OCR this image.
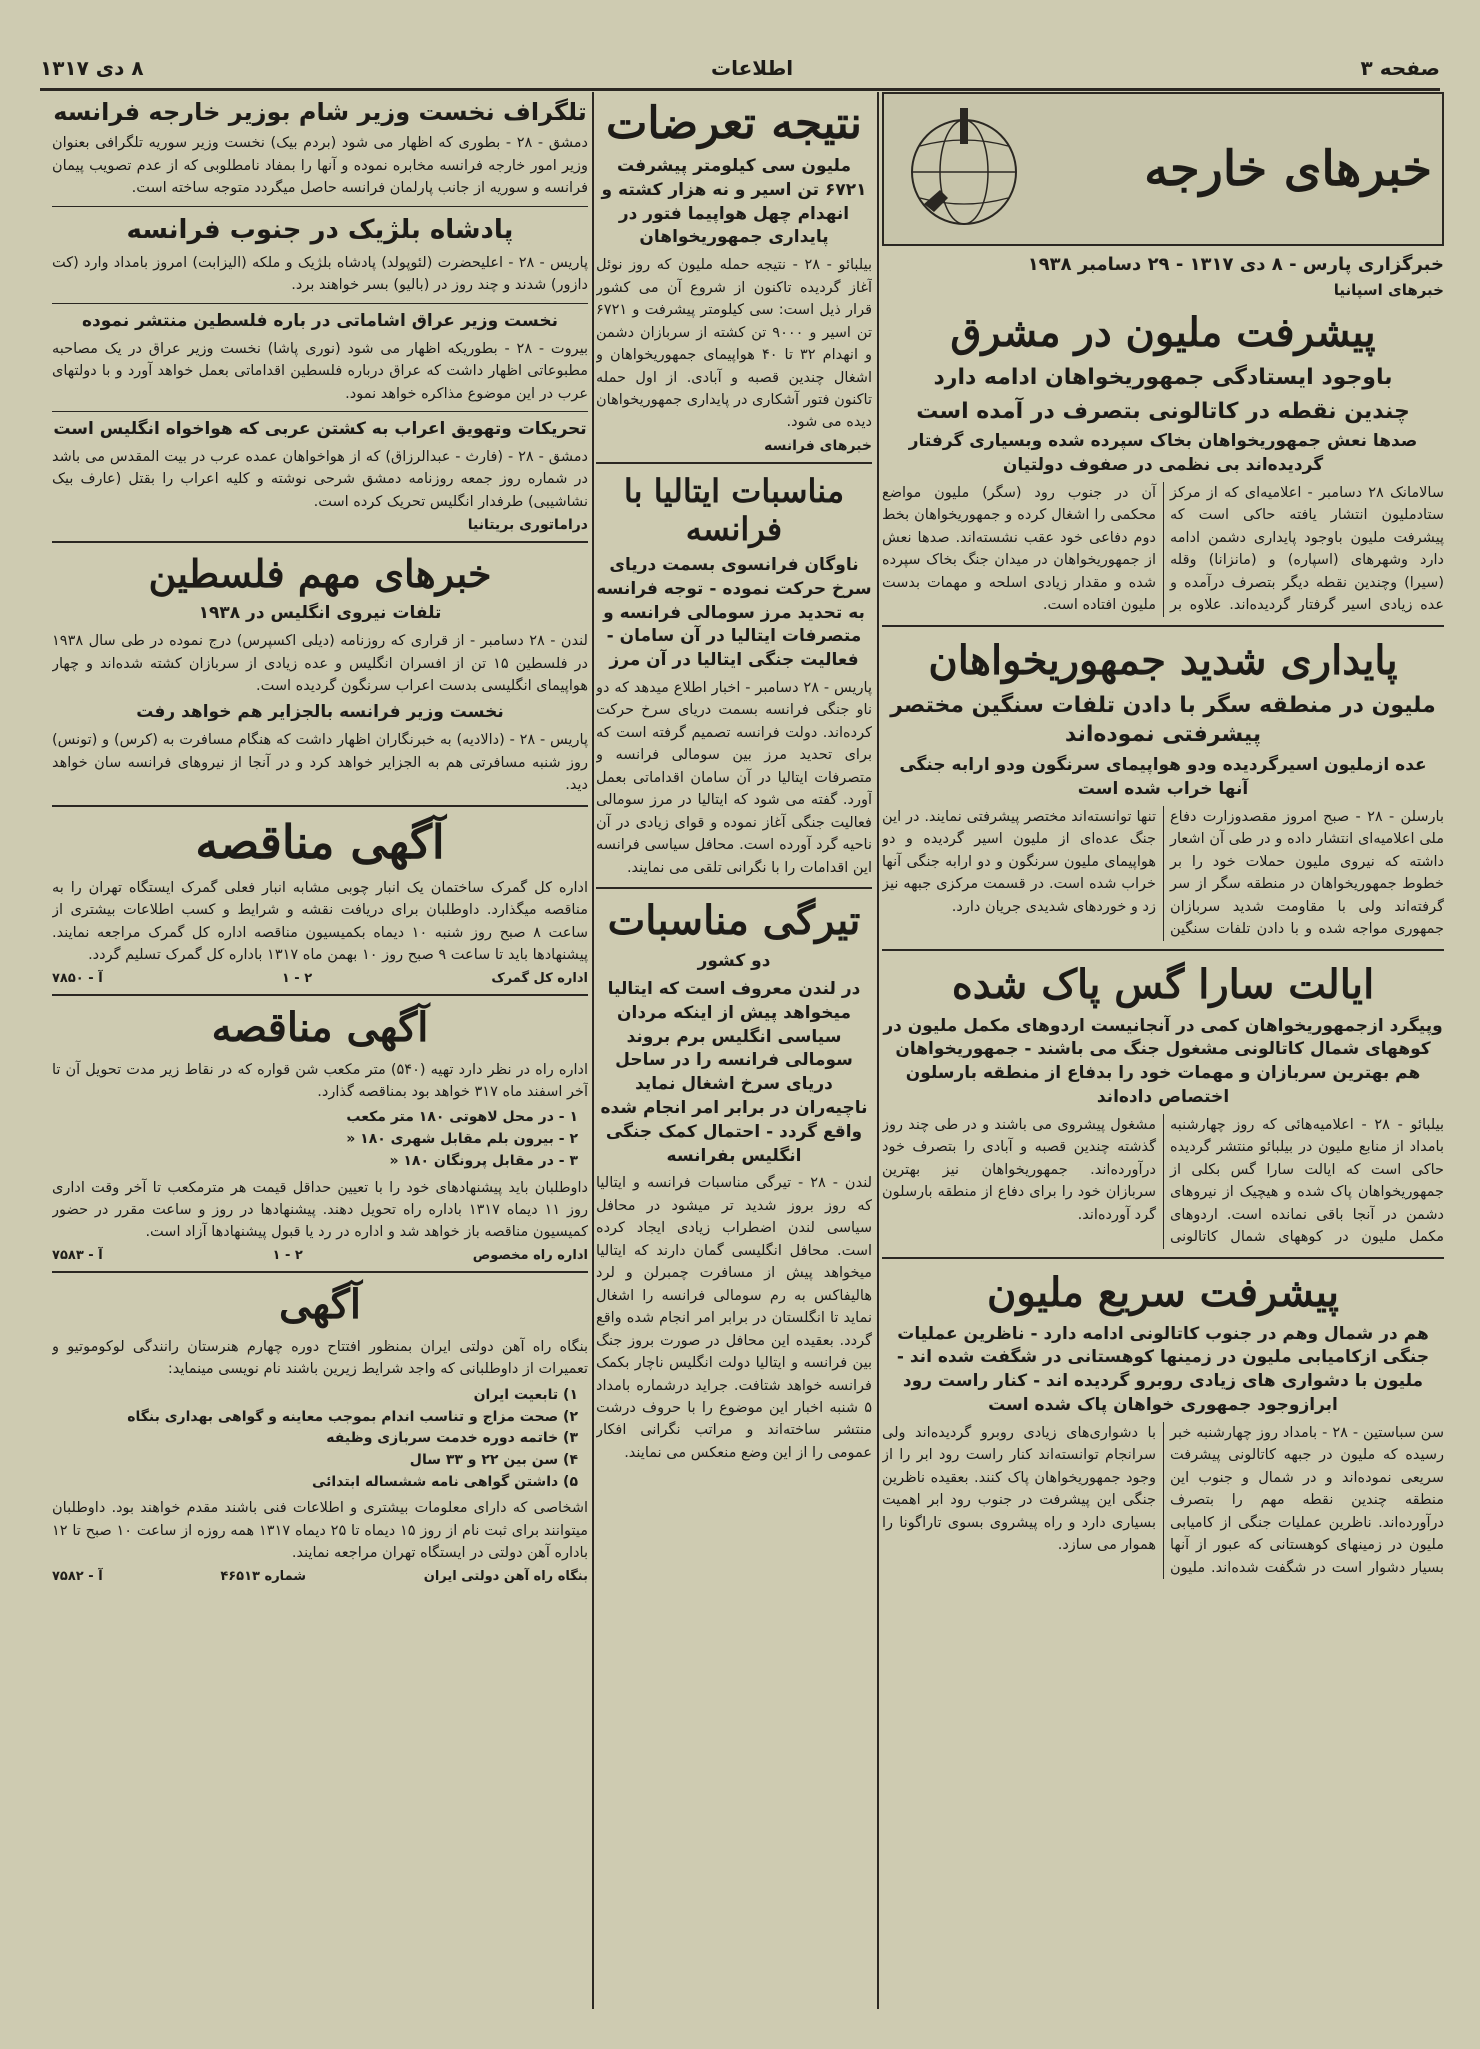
۸ دی ۱۳۱۷	اطلاعات	صفحه ۳
خبرهای خارجه
خبرگزاری پارس - ۸ دی ۱۳۱۷ - ۲۹ دسامبر ۱۹۳۸
خبرهای اسپانیا
پیشرفت ملیون در مشرق
باوجود ایستادگی جمهوریخواهان ادامه دارد
چندین نقطه در کاتالونی بتصرف در آمده است
صدها نعش جمهوریخواهان بخاک سپرده شده وبسیاری گرفتار گردیده‌اند بی نظمی در صفوف دولتیان

سالامانک ۲۸ دسامبر - اعلامیه‌ای که از مرکز ستادملیون انتشار یافته حاکی است که پیشرفت ملیون باوجود پایداری دشمن ادامه دارد وشهرهای (اسپاره) و (مانزانا) وقله (سیرا) وچندین نقطه دیگر بتصرف درآمده و عده زیادی اسیر گرفتار گردیده‌اند. علاوه بر آن در جنوب رود (سگر) ملیون مواضع محکمی را اشغال کرده و جمهوریخواهان بخط دوم دفاعی خود عقب نشسته‌اند. صدها نعش از جمهوریخواهان در میدان جنگ بخاک سپرده شده و مقدار زیادی اسلحه و مهمات بدست ملیون افتاده است.

پایداری شدید جمهوریخواهان
ملیون در منطقه سگر با دادن تلفات سنگین مختصر پیشرفتی نموده‌اند
عده ازملیون اسیرگردیده ودو هواپیمای سرنگون ودو ارابه جنگی آنها خراب شده است

بارسلن - ۲۸ - صبح امروز مقصدوزارت دفاع ملی اعلامیه‌ای انتشار داده و در طی آن اشعار داشته که نیروی ملیون حملات خود را بر خطوط جمهوریخواهان در منطقه سگر از سر گرفته‌اند ولی با مقاومت شدید سربازان جمهوری مواجه شده و با دادن تلفات سنگین تنها توانسته‌اند مختصر پیشرفتی نمایند. در این جنگ عده‌ای از ملیون اسیر گردیده و دو هواپیمای ملیون سرنگون و دو ارابه جنگی آنها خراب شده است. در قسمت مرکزی جبهه نیز زد و خوردهای شدیدی جریان دارد.

ایالت سارا گس پاک شده
وپیگرد ازجمهوریخواهان کمی در آنجانیست اردوهای مکمل ملیون در کوههای شمال کاتالونی مشغول جنگ می باشند - جمهوریخواهان هم بهترین سربازان و مهمات خود را بدفاع از منطقه بارسلون اختصاص داده‌اند

بیلبائو - ۲۸ - اعلامیه‌هائی که روز چهارشنبه بامداد از منابع ملیون در بیلبائو منتشر گردیده حاکی است که ایالت سارا گس بکلی از جمهوریخواهان پاک شده و هیچیک از نیروهای دشمن در آنجا باقی نمانده است. اردوهای مکمل ملیون در کوههای شمال کاتالونی مشغول پیشروی می باشند و در طی چند روز گذشته چندین قصبه و آبادی را بتصرف خود درآورده‌اند. جمهوریخواهان نیز بهترین سربازان خود را برای دفاع از منطقه بارسلون گرد آورده‌اند.

پیشرفت سریع ملیون
هم در شمال وهم در جنوب کاتالونی ادامه دارد - ناظرین عملیات جنگی ازکامیابی ملیون در زمینها کوهستانی در شگفت شده اند - ملیون با دشواری های زیادی روبرو گردیده اند - کنار راست رود ابرازوجود جمهوری خواهان پاک شده است

سن سباستین - ۲۸ - بامداد روز چهارشنبه خبر رسیده که ملیون در جبهه کاتالونی پیشرفت سریعی نموده‌اند و در شمال و جنوب این منطقه چندین نقطه مهم را بتصرف درآورده‌اند. ناظرین عملیات جنگی از کامیابی ملیون در زمینهای کوهستانی که عبور از آنها بسیار دشوار است در شگفت شده‌اند. ملیون با دشواری‌های زیادی روبرو گردیده‌اند ولی سرانجام توانسته‌اند کنار راست رود ابر را از وجود جمهوریخواهان پاک کنند. بعقیده ناظرین جنگی این پیشرفت در جنوب رود ابر اهمیت بسیاری دارد و راه پیشروی بسوی تاراگونا را هموار می سازد.

نتیجه تعرضات
ملیون سی کیلومتر پیشرفت ۶۷۲۱ تن اسیر و نه هزار کشته و انهدام چهل هواپیما فتور در پایداری جمهوریخواهان

بیلبائو - ۲۸ - نتیجه حمله ملیون که روز نوئل آغاز گردیده تاکنون از شروع آن می کشور قرار ذیل است: سی کیلومتر پیشرفت و ۶۷۲۱ تن اسیر و ۹۰۰۰ تن کشته از سربازان دشمن و انهدام ۳۲ تا ۴۰ هواپیمای جمهوریخواهان و اشغال چندین قصبه و آبادی. از اول حمله تاکنون فتور آشکاری در پایداری جمهوریخواهان دیده می شود.

خبرهای فرانسه
مناسبات ایتالیا با فرانسه
ناوگان فرانسوی بسمت دریای سرخ حرکت نموده - توجه فرانسه به تحدید مرز سومالی فرانسه و متصرفات ایتالیا در آن سامان - فعالیت جنگی ایتالیا در آن مرز

پاریس - ۲۸ دسامبر - اخبار اطلاع میدهد که دو ناو جنگی فرانسه بسمت دریای سرخ حرکت کرده‌اند. دولت فرانسه تصمیم گرفته است که برای تحدید مرز بین سومالی فرانسه و متصرفات ایتالیا در آن سامان اقداماتی بعمل آورد. گفته می شود که ایتالیا در مرز سومالی فعالیت جنگی آغاز نموده و قوای زیادی در آن ناحیه گرد آورده است. محافل سیاسی فرانسه این اقدامات را با نگرانی تلقی می نمایند.

تیرگی مناسبات
دو کشور
در لندن معروف است که ایتالیا میخواهد پیش از اینکه مردان سیاسی انگلیس برم بروند سومالی فرانسه را در ساحل دریای سرخ اشغال نماید ناچیه‌ران در برابر امر انجام شده واقع گردد - احتمال کمک جنگی انگلیس بفرانسه

لندن - ۲۸ - تیرگی مناسبات فرانسه و ایتالیا که روز بروز شدید تر میشود در محافل سیاسی لندن اضطراب زیادی ایجاد کرده است. محافل انگلیسی گمان دارند که ایتالیا میخواهد پیش از مسافرت چمبرلن و لرد هالیفاکس به رم سومالی فرانسه را اشغال نماید تا انگلستان در برابر امر انجام شده واقع گردد. بعقیده این محافل در صورت بروز جنگ بین فرانسه و ایتالیا دولت انگلیس ناچار بکمک فرانسه خواهد شتافت. جراید درشماره بامداد ۵ شنبه اخبار این موضوع را با حروف درشت منتشر ساخته‌اند و مراتب نگرانی افکار عمومی را از این وضع منعکس می نمایند.

تلگراف نخست وزیر شام بوزیر خارجه فرانسه

دمشق - ۲۸ - بطوری که اظهار می شود (بردم بیک) نخست وزیر سوریه تلگرافی بعنوان وزیر امور خارجه فرانسه مخابره نموده و آنها را بمفاد نامطلوبی که از عدم تصویب پیمان فرانسه و سوریه از جانب پارلمان فرانسه حاصل میگردد متوجه ساخته است.

پادشاه بلژیک در جنوب فرانسه

پاریس - ۲۸ - اعلیحضرت (لئوپولد) پادشاه بلژیک و ملکه (الیزابت) امروز بامداد وارد (کت دازور) شدند و چند روز در (بالیو) بسر خواهند برد.

نخست وزیر عراق اشاماتی در باره فلسطین منتشر نموده

بیروت - ۲۸ - بطوریکه اظهار می شود (نوری پاشا) نخست وزیر عراق در یک مصاحبه مطبوعاتی اظهار داشت که عراق درباره فلسطین اقداماتی بعمل خواهد آورد و با دولتهای عرب در این موضوع مذاکره خواهد نمود.

تحریکات وتهویق اعراب به کشتن عربی که هواخواه انگلیس است

دمشق - ۲۸ - (فارث - عبدالرزاق) که از هواخواهان عمده عرب در بیت المقدس می باشد در شماره روز جمعه روزنامه دمشق شرحی نوشته و کلیه اعراب را بقتل (عارف بیک نشاشیبی) طرفدار انگلیس تحریک کرده است.

دراماتوری بریتانیا
خبرهای مهم فلسطین
تلفات نیروی انگلیس در ۱۹۳۸

لندن - ۲۸ دسامبر - از قراری که روزنامه (دیلی اکسپرس) درج نموده در طی سال ۱۹۳۸ در فلسطین ۱۵ تن از افسران انگلیس و عده زیادی از سربازان کشته شده‌اند و چهار هواپیمای انگلیسی بدست اعراب سرنگون گردیده است.

نخست وزیر فرانسه بالجزایر هم خواهد رفت

پاریس - ۲۸ - (دالادیه) به خبرنگاران اظهار داشت که هنگام مسافرت به (کرس) و (تونس) روز شنبه مسافرتی هم به الجزایر خواهد کرد و در آنجا از نیروهای فرانسه سان خواهد دید.

آگهی مناقصه

اداره کل گمرک ساختمان یک انبار چوبی مشابه انبار فعلی گمرک ایستگاه تهران را به مناقصه میگذارد. داوطلبان برای دریافت نقشه و شرایط و کسب اطلاعات بیشتری از ساعت ۸ صبح روز شنبه ۱۰ دیماه بکمیسیون مناقصه اداره کل گمرک مراجعه نمایند. پیشنهادها باید تا ساعت ۹ صبح روز ۱۰ بهمن ماه ۱۳۱۷ باداره کل گمرک تسلیم گردد.

اداره کل گمرک
۲ - ۱
آ - ۷۸۵۰
آگهی مناقصه

اداره راه در نظر دارد تهیه (۵۴۰) متر مکعب شن قواره که در نقاط زیر مدت تحویل آن تا آخر اسفند ماه ۳۱۷ خواهد بود بمناقصه گذارد.

۱ - در محل لاهوتی ۱۸۰ متر مکعب
۲ - بیرون بلم مقابل شهری ۱۸۰ «
۳ - در مقابل پرونگان ۱۸۰ «

داوطلبان باید پیشنهادهای خود را با تعیین حداقل قیمت هر مترمکعب تا آخر وقت اداری روز ۱۱ دیماه ۱۳۱۷ باداره راه تحویل دهند. پیشنهادها در روز و ساعت مقرر در حضور کمیسیون مناقصه باز خواهد شد و اداره در رد یا قبول پیشنهادها آزاد است.

اداره راه مخصوص
۲ - ۱
آ - ۷۵۸۳
آگهی

بنگاه راه آهن دولتی ایران بمنظور افتتاح دوره چهارم هنرستان رانندگی لوکوموتیو و تعمیرات از داوطلبانی که واجد شرایط زیرین باشند نام نویسی مینماید:

۱) تابعیت ایران
۲) صحت مزاج و تناسب اندام بموجب معاینه و گواهی بهداری بنگاه
۳) خاتمه دوره خدمت سربازی وظیفه
۴) سن بین ۲۲ و ۳۳ سال
۵) داشتن گواهی نامه ششساله ابتدائی

اشخاصی که دارای معلومات بیشتری و اطلاعات فنی باشند مقدم خواهند بود. داوطلبان میتوانند برای ثبت نام از روز ۱۵ دیماه تا ۲۵ دیماه ۱۳۱۷ همه روزه از ساعت ۱۰ صبح تا ۱۲ باداره آهن دولتی در ایستگاه تهران مراجعه نمایند.

بنگاه راه آهن دولتی ایران
شماره ۴۶۵۱۳
آ - ۷۵۸۲
